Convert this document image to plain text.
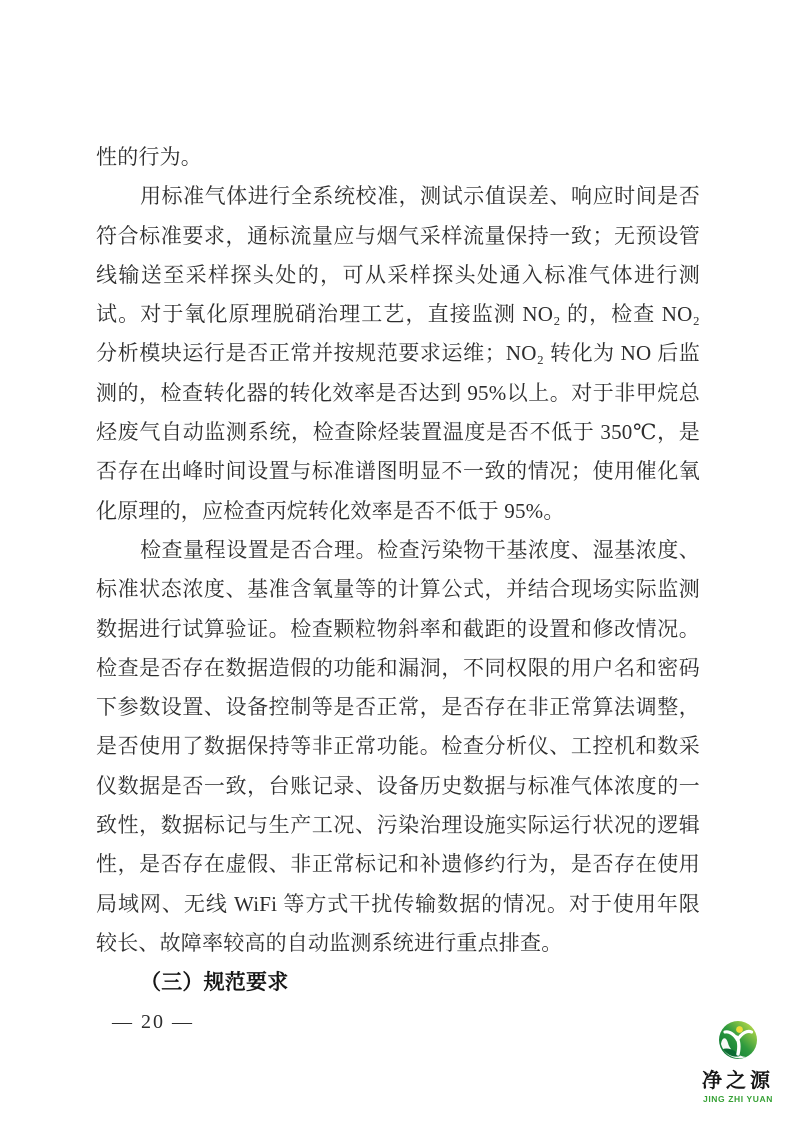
性的行为。
用标准气体进行全系统校准，测试示值误差、响应时间是否
符合标准要求，通标流量应与烟气采样流量保持一致；无预设管
线输送至采样探头处的，可从采样探头处通入标准气体进行测
试。对于氧化原理脱硝治理工艺，直接监测 NO₂ 的，检查 NO₂
分析模块运行是否正常并按规范要求运维；NO₂ 转化为 NO 后监
测的，检查转化器的转化效率是否达到 95%以上。对于非甲烷总
烃废气自动监测系统，检查除烃装置温度是否不低于 350℃，是
否存在出峰时间设置与标准谱图明显不一致的情况；使用催化氧
化原理的，应检查丙烷转化效率是否不低于 95%。
检查量程设置是否合理。检查污染物干基浓度、湿基浓度、
标准状态浓度、基准含氧量等的计算公式，并结合现场实际监测
数据进行试算验证。检查颗粒物斜率和截距的设置和修改情况。
检查是否存在数据造假的功能和漏洞，不同权限的用户名和密码
下参数设置、设备控制等是否正常，是否存在非正常算法调整，
是否使用了数据保持等非正常功能。检查分析仪、工控机和数采
仪数据是否一致，台账记录、设备历史数据与标准气体浓度的一
致性，数据标记与生产工况、污染治理设施实际运行状况的逻辑
性，是否存在虚假、非正常标记和补遗修约行为，是否存在使用
局域网、无线 WiFi 等方式干扰传输数据的情况。对于使用年限
较长、故障率较高的自动监测系统进行重点排查。
（三）规范要求
— 20 —
净之源
JING ZHI YUAN
